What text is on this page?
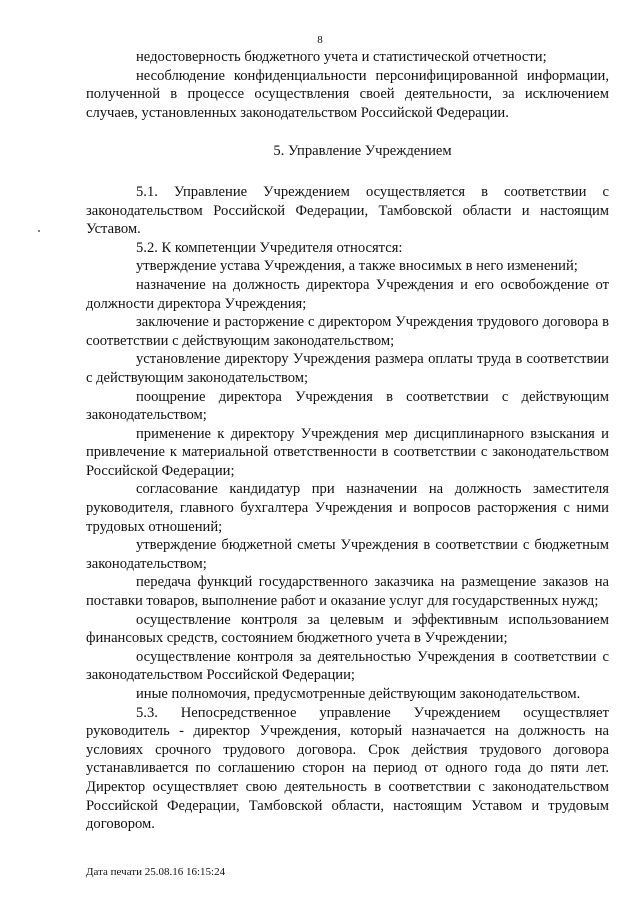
8

недостоверность бюджетного учета и статистической отчетности;

несоблюдение конфиденциальности персонифицированной информации, полученной в процессе осуществления своей деятельности, за исключением случаев, установленных законодательством Российской Федерации.

5. Управление Учреждением

5.1. Управление Учреждением осуществляется в соответствии с законодательством Российской Федерации, Тамбовской области и настоящим Уставом.

5.2. К компетенции Учредителя относятся:

утверждение устава Учреждения, а также вносимых в него изменений;

назначение на должность директора Учреждения и его освобождение от должности директора Учреждения;

заключение и расторжение с директором Учреждения трудового договора в соответствии с действующим законодательством;

установление директору Учреждения размера оплаты труда в соответствии с действующим законодательством;

поощрение директора Учреждения в соответствии с действующим законодательством;

применение к директору Учреждения мер дисциплинарного взыскания и привлечение к материальной ответственности в соответствии с законодательством Российской Федерации;

согласование кандидатур при назначении на должность заместителя руководителя, главного бухгалтера Учреждения и вопросов расторжения с ними трудовых отношений;

утверждение бюджетной сметы Учреждения в соответствии с бюджетным законодательством;

передача функций государственного заказчика на размещение заказов на поставки товаров, выполнение работ и оказание услуг для государственных нужд;

осуществление контроля за целевым и эффективным использованием финансовых средств, состоянием бюджетного учета в Учреждении;

осуществление контроля за деятельностью Учреждения в соответствии с законодательством Российской Федерации;

иные полномочия, предусмотренные действующим законодательством.

5.3. Непосредственное управление Учреждением осуществляет руководитель - директор Учреждения, который назначается на должность на условиях срочного трудового договора. Срок действия трудового договора устанавливается по соглашению сторон на период от одного года до пяти лет. Директор осуществляет свою деятельность в соответствии с законодательством Российской Федерации, Тамбовской области, настоящим Уставом и трудовым договором.

Дата печати 25.08.16 16:15:24
